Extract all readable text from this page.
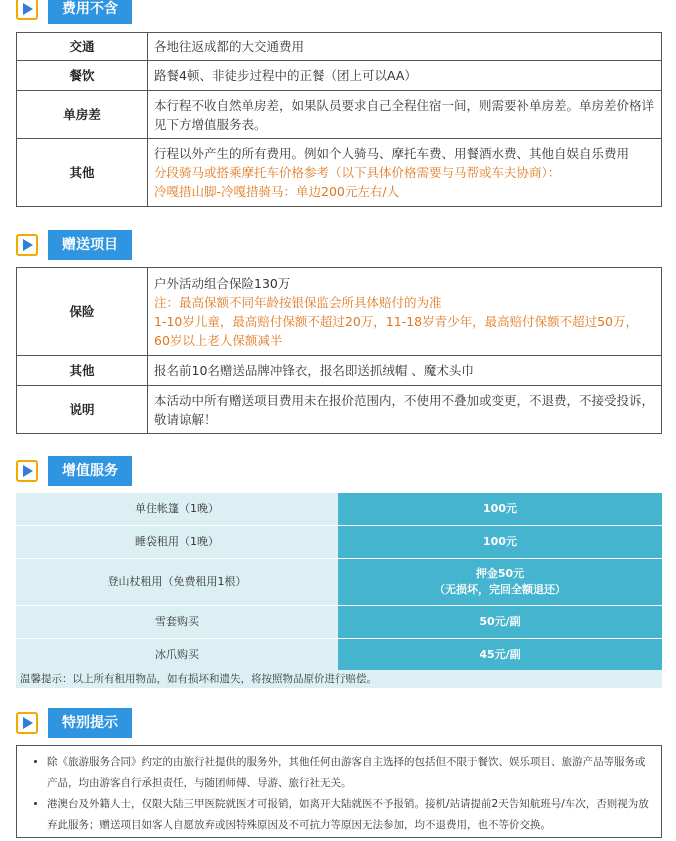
费用不含
交通	各地往返成都的大交通费用
餐饮	路餐4顿、非徒步过程中的正餐（团上可以AA）
单房差	本行程不收自然单房差，如果队员要求自己全程住宿一间，则需要补单房差。单房差价格详见下方增值服务表。
其他	行程以外产生的所有费用。例如个人骑马、摩托车费、用餐酒水费、其他自娱自乐费用
分段骑马或搭乘摩托车价格参考（以下具体价格需要与马帮或车夫协商）：
冷嘎措山脚-冷嘎措骑马：单边200元左右/人
赠送项目
保险	户外活动组合保险130万
注：最高保额不同年龄按银保监会所具体赔付的为准
1-10岁儿童，最高赔付保额不超过20万，11-18岁青少年，最高赔付保额不超过50万，
60岁以上老人保额减半

其他	报名前10名赠送品牌冲锋衣，报名即送抓绒帽 、魔术头巾
说明	本活动中所有赠送项目费用未在报价范围内，不使用不叠加或变更，不退费，不接受投诉，敬请谅解！
增值服务
单住帐篷（1晚）	100元
睡袋租用（1晚）	100元
登山杖租用（免费租用1根）	押金50元
（无损坏，完回全额退还）

雪套购买	50元/副
冰爪购买	45元/副
温馨提示：以上所有租用物品，如有损坏和遗失，将按照物品原价进行赔偿。
特别提示
• 除《旅游服务合同》约定的由旅行社提供的服务外，其他任何由游客自主选择的包括但不限于餐饮、娱乐项目、旅游产品等服务或产品，均由游客自行承担责任，与随团师傅、导游、旅行社无关。
• 港澳台及外籍人士，仅限大陆三甲医院就医才可报销，如离开大陆就医不予报销。接机/站请提前2天告知航班号/车次，否则视为放弃此服务；赠送项目如客人自愿放弃或因特殊原因及不可抗力等原因无法参加，均不退费用，也不等价交换。
